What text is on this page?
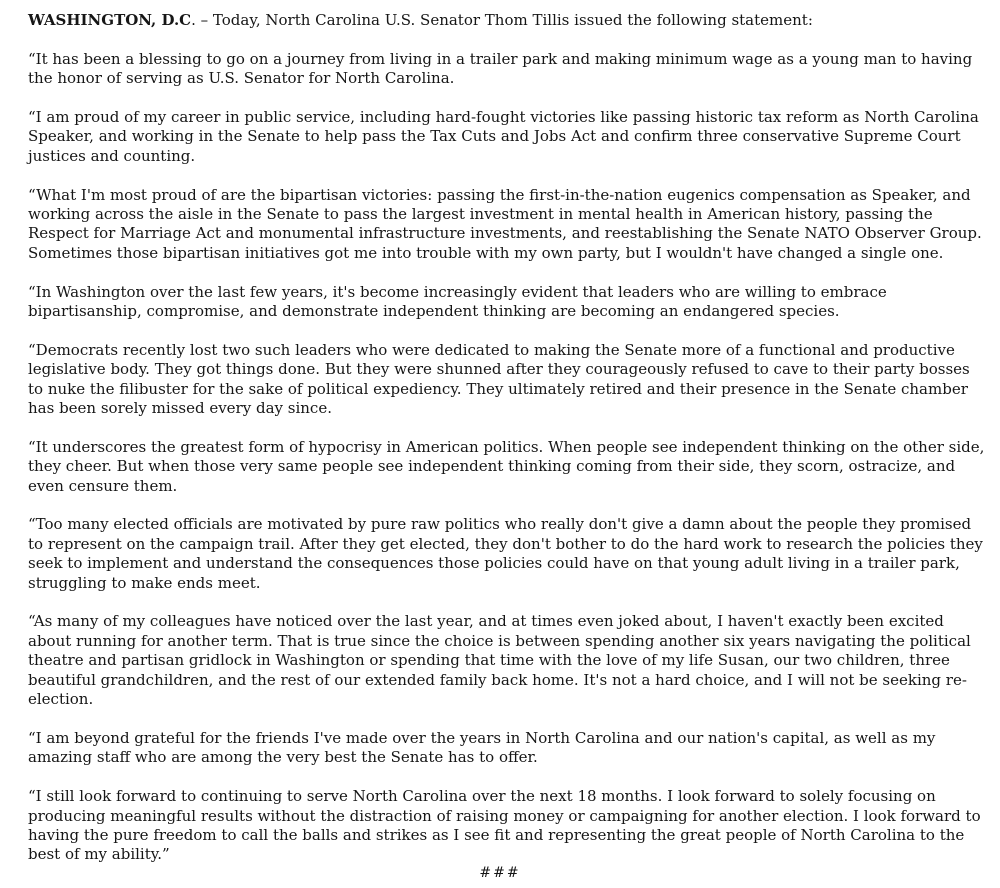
WASHINGTON, D.C. – Today, North Carolina U.S. Senator Thom Tillis issued the following statement:

“It has been a blessing to go on a journey from living in a trailer park and making minimum wage as a young man to having the honor of serving as U.S. Senator for North Carolina.

“I am proud of my career in public service, including hard-fought victories like passing historic tax reform as North Carolina Speaker, and working in the Senate to help pass the Tax Cuts and Jobs Act and confirm three conservative Supreme Court justices and counting.

“What I'm most proud of are the bipartisan victories: passing the first-in-the-nation eugenics compensation as Speaker, and working across the aisle in the Senate to pass the largest investment in mental health in American history, passing the Respect for Marriage Act and monumental infrastructure investments, and reestablishing the Senate NATO Observer Group. Sometimes those bipartisan initiatives got me into trouble with my own party, but I wouldn't have changed a single one.

“In Washington over the last few years, it's become increasingly evident that leaders who are willing to embrace bipartisanship, compromise, and demonstrate independent thinking are becoming an endangered species.

“Democrats recently lost two such leaders who were dedicated to making the Senate more of a functional and productive legislative body. They got things done. But they were shunned after they courageously refused to cave to their party bosses to nuke the filibuster for the sake of political expediency. They ultimately retired and their presence in the Senate chamber has been sorely missed every day since.

“It underscores the greatest form of hypocrisy in American politics. When people see independent thinking on the other side, they cheer. But when those very same people see independent thinking coming from their side, they scorn, ostracize, and even censure them.

“Too many elected officials are motivated by pure raw politics who really don't give a damn about the people they promised to represent on the campaign trail. After they get elected, they don't bother to do the hard work to research the policies they seek to implement and understand the consequences those policies could have on that young adult living in a trailer park, struggling to make ends meet.

“As many of my colleagues have noticed over the last year, and at times even joked about, I haven't exactly been excited about running for another term. That is true since the choice is between spending another six years navigating the political theatre and partisan gridlock in Washington or spending that time with the love of my life Susan, our two children, three beautiful grandchildren, and the rest of our extended family back home. It's not a hard choice, and I will not be seeking re-election.

“I am beyond grateful for the friends I've made over the years in North Carolina and our nation's capital, as well as my amazing staff who are among the very best the Senate has to offer.

“I still look forward to continuing to serve North Carolina over the next 18 months. I look forward to solely focusing on producing meaningful results without the distraction of raising money or campaigning for another election. I look forward to having the pure freedom to call the balls and strikes as I see fit and representing the great people of North Carolina to the best of my ability.”

###
